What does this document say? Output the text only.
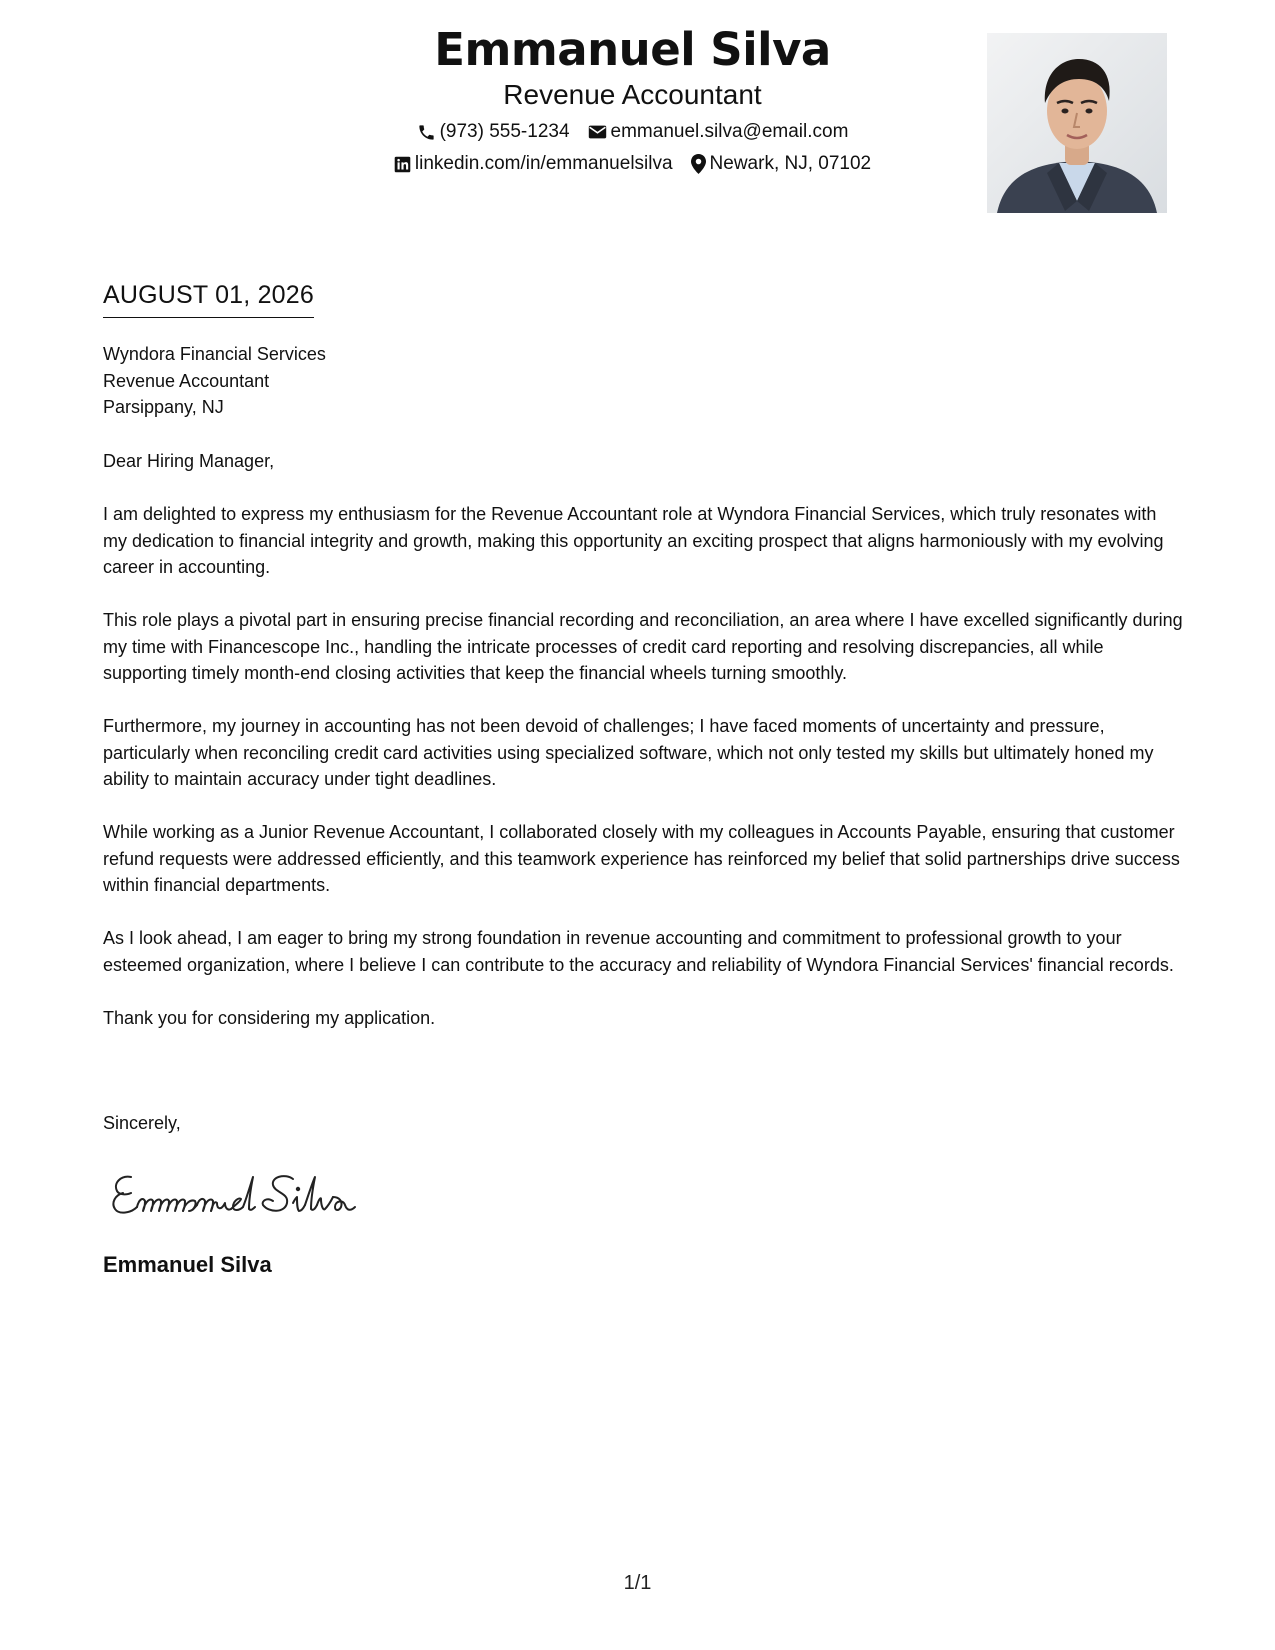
Emmanuel Silva
Revenue Accountant
(973) 555-1234 emmanuel.silva@email.com
linkedin.com/in/emmanuelsilva Newark, NJ, 07102
AUGUST 01, 2026
Wyndora Financial Services
Revenue Accountant
Parsippany, NJ

Dear Hiring Manager,

I am delighted to express my enthusiasm for the Revenue Accountant role at Wyndora Financial Services, which truly resonates with my dedication to financial integrity and growth, making this opportunity an exciting prospect that aligns harmoniously with my evolving career in accounting.

This role plays a pivotal part in ensuring precise financial recording and reconciliation, an area where I have excelled significantly during my time with Financescope Inc., handling the intricate processes of credit card reporting and resolving discrepancies, all while supporting timely month-end closing activities that keep the financial wheels turning smoothly.

Furthermore, my journey in accounting has not been devoid of challenges; I have faced moments of uncertainty and pressure, particularly when reconciling credit card activities using specialized software, which not only tested my skills but ultimately honed my ability to maintain accuracy under tight deadlines.

While working as a Junior Revenue Accountant, I collaborated closely with my colleagues in Accounts Payable, ensuring that customer refund requests were addressed efficiently, and this teamwork experience has reinforced my belief that solid partnerships drive success within financial departments.

As I look ahead, I am eager to bring my strong foundation in revenue accounting and commitment to professional growth to your esteemed organization, where I believe I can contribute to the accuracy and reliability of Wyndora Financial Services' financial records.

Thank you for considering my application.

Sincerely,
Emmanuel Silva
1/1
